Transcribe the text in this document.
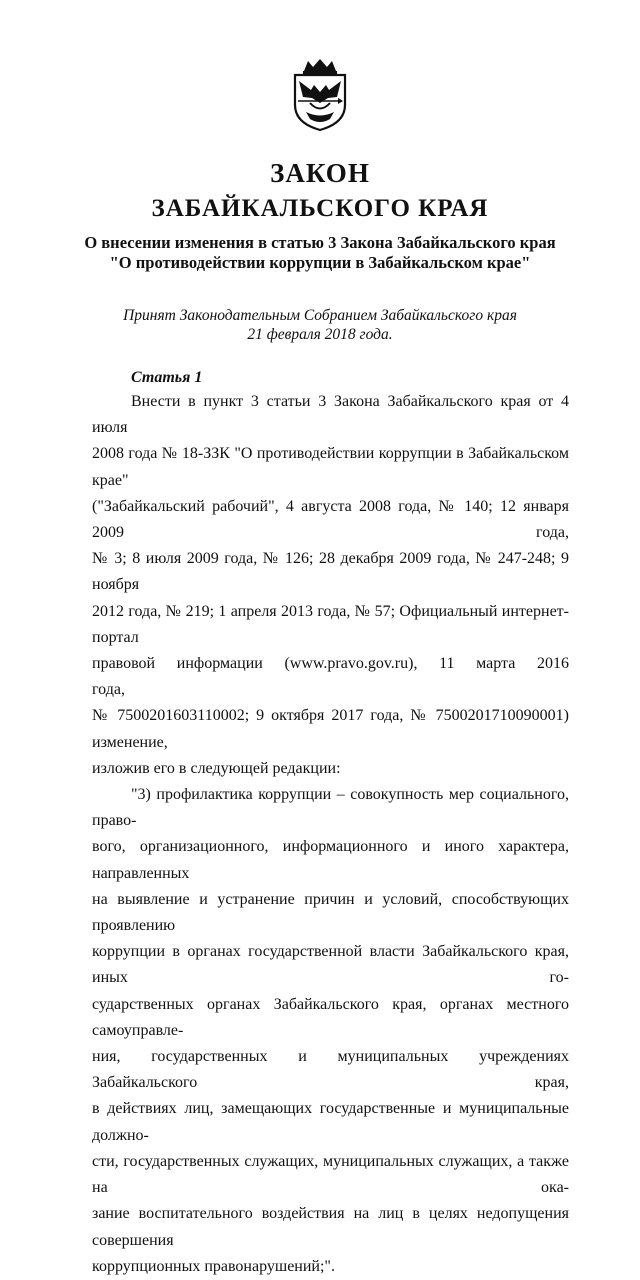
ЗАКОН
ЗАБАЙКАЛЬСКОГО КРАЯ
О внесении изменения в статью 3 Закона Забайкальского края
"О противодействии коррупции в Забайкальском крае"
Принят Законодательным Собранием Забайкальского края
21 февраля 2018 года.
Статья 1

Внести в пункт 3 статьи 3 Закона Забайкальского края от 4 июля
2008 года № 18-ЗЗК "О противодействии коррупции в Забайкальском крае"
("Забайкальский рабочий", 4 августа 2008 года, № 140; 12 января 2009 года,
№ 3; 8 июля 2009 года, № 126; 28 декабря 2009 года, № 247-248; 9 ноября
2012 года, № 219; 1 апреля 2013 года, № 57; Официальный интернет-портал
правовой информации (www.pravo.gov.ru), 11 марта 2016 года,
№ 7500201603110002; 9 октября 2017 года, № 7500201710090001) изменение,
изложив его в следующей редакции:

"3) профилактика коррупции – совокупность мер социального, право-
вого, организационного, информационного и иного характера, направленных
на выявление и устранение причин и условий, способствующих проявлению
коррупции в органах государственной власти Забайкальского края, иных го-
сударственных органах Забайкальского края, органах местного самоуправле-
ния, государственных и муниципальных учреждениях Забайкальского края,
в действиях лиц, замещающих государственные и муниципальные должно-
сти, государственных служащих, муниципальных служащих, а также на ока-
зание воспитательного воздействия на лиц в целях недопущения совершения
коррупционных правонарушений;".
